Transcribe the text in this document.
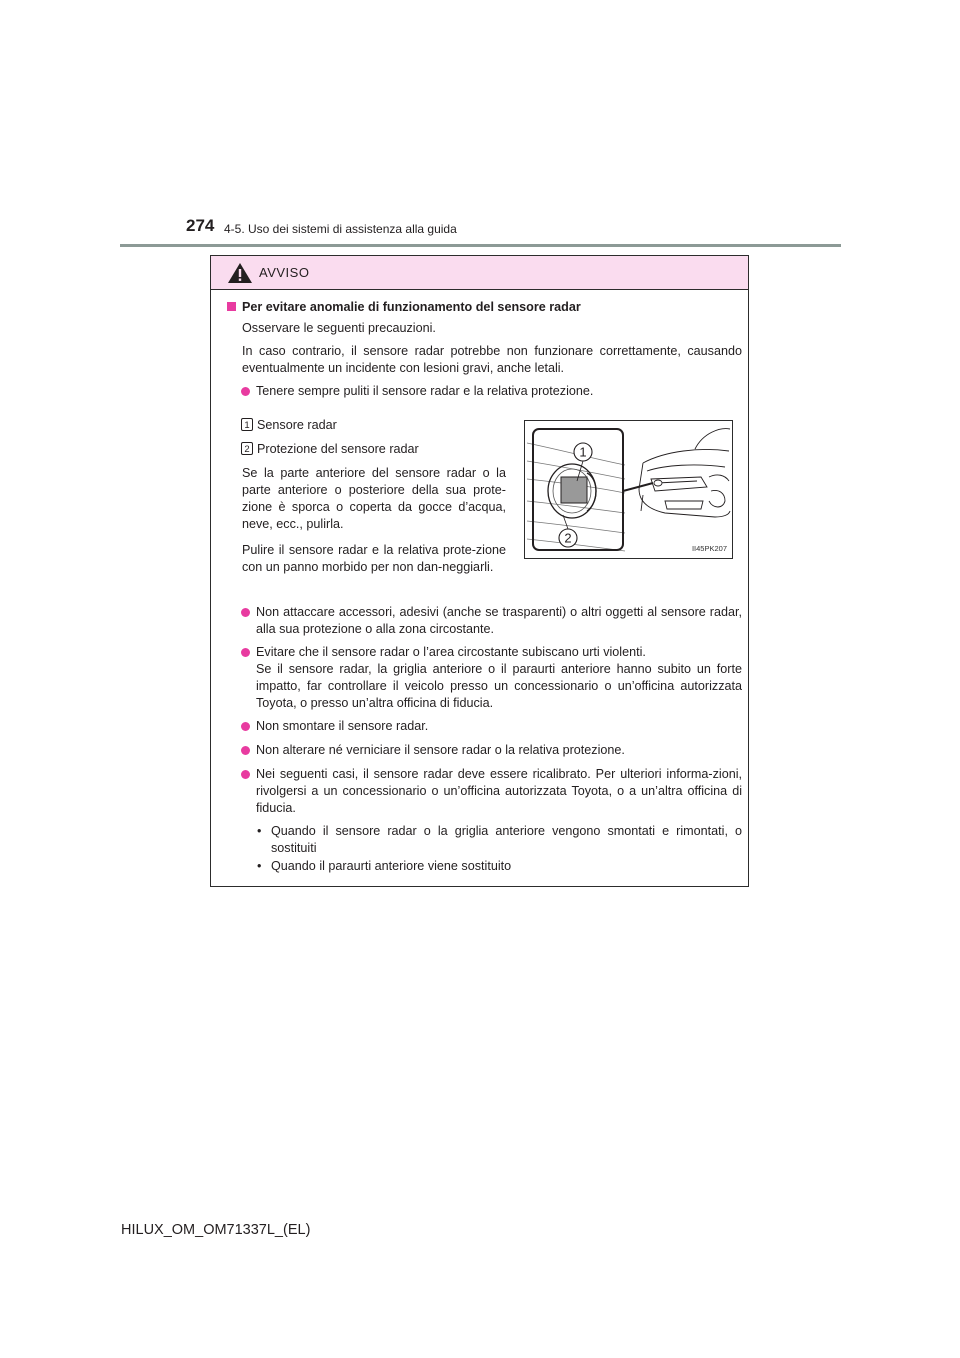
274 4-5. Uso dei sistemi di assistenza alla guida
AVVISO
Per evitare anomalie di funzionamento del sensore radar
Osservare le seguenti precauzioni.
In caso contrario, il sensore radar potrebbe non funzionare correttamente, causando eventualmente un incidente con lesioni gravi, anche letali.
Tenere sempre puliti il sensore radar e la relativa protezione.
1 Sensore radar
2 Protezione del sensore radar
Se la parte anteriore del sensore radar o la parte anteriore o posteriore della sua prote-zione è sporca o coperta da gocce d’acqua, neve, ecc., pulirla.
Pulire il sensore radar e la relativa prote-zione con un panno morbido per non dan-neggiarli.
1
2
II45PK207
Non attaccare accessori, adesivi (anche se trasparenti) o altri oggetti al sensore radar, alla sua protezione o alla zona circostante.
Evitare che il sensore radar o l’area circostante subiscano urti violenti.
Se il sensore radar, la griglia anteriore o il paraurti anteriore hanno subito un forte impatto, far controllare il veicolo presso un concessionario o un’officina autorizzata Toyota, o presso un’altra officina di fiducia.
Non smontare il sensore radar.
Non alterare né verniciare il sensore radar o la relativa protezione.
Nei seguenti casi, il sensore radar deve essere ricalibrato. Per ulteriori informa-zioni, rivolgersi a un concessionario o un’officina autorizzata Toyota, o a un’altra officina di fiducia.
• Quando il sensore radar o la griglia anteriore vengono smontati e rimontati, o sostituiti
• Quando il paraurti anteriore viene sostituito
HILUX_OM_OM71337L_(EL)
